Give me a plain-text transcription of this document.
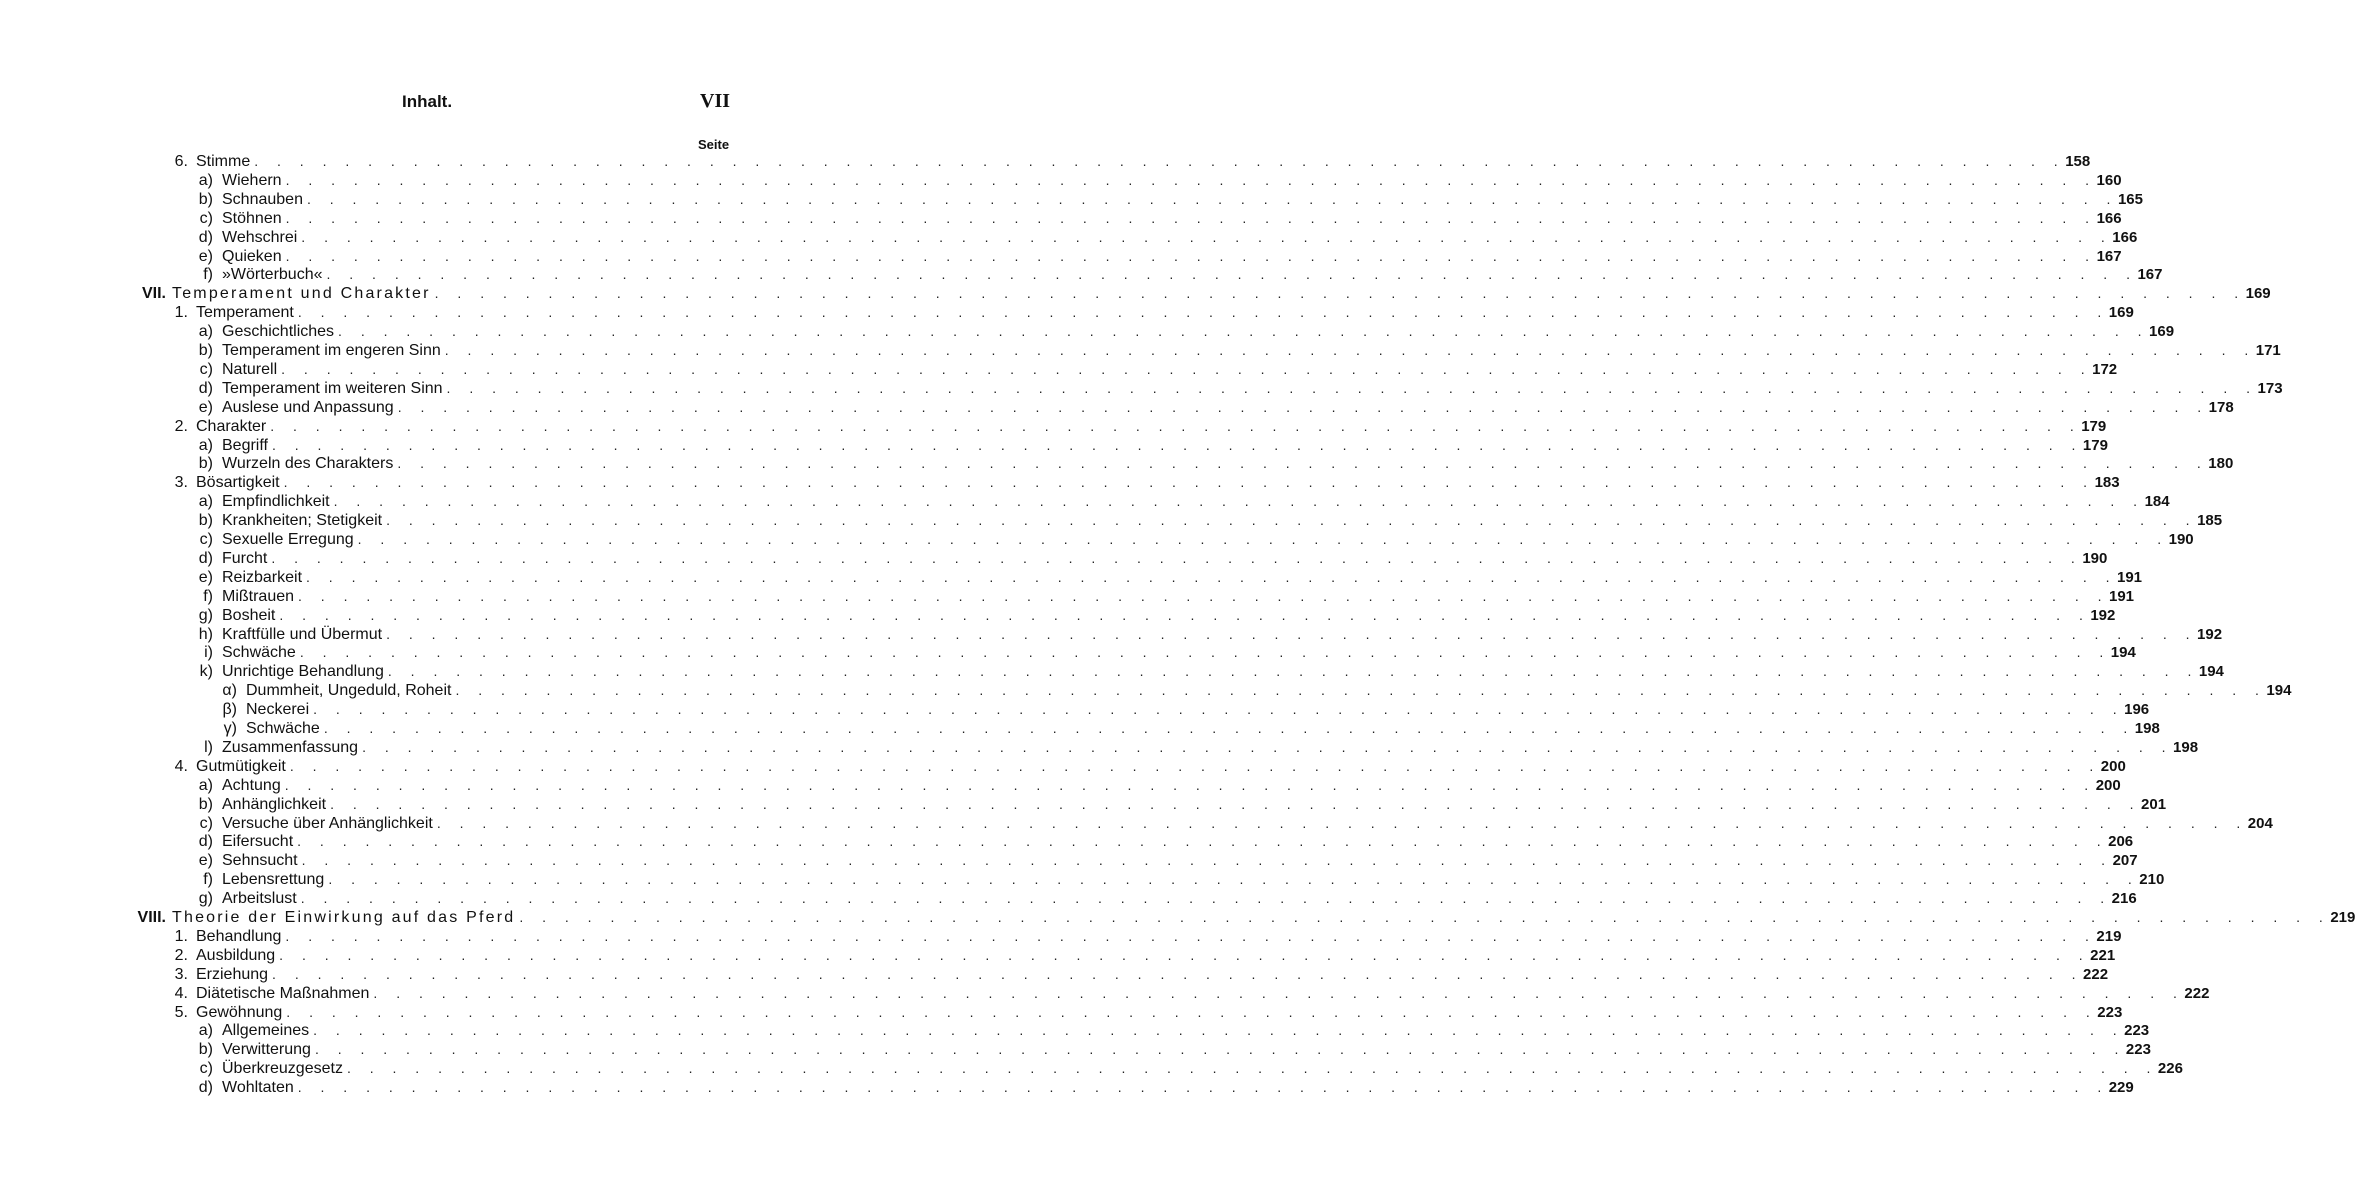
Inhalt.	VII
Seite
6. Stimme . . . . . . . . . . . . . . . . . . . . . . . . . . . . . . . . . . . . . . . . . . . . . . . . . . . . . . . . . . . . . . . . . . . . . . . . . . . . . . . . 158
a) Wiehern . . . . . . . . . . . . . . . . . . . . . . . . . . . . . . . . . . . . . . . . . . . . . . . . . . . . . . . . . . . . . . . . . . . . . . . . . . . . . . . . 160
b) Schnauben . . . . . . . . . . . . . . . . . . . . . . . . . . . . . . . . . . . . . . . . . . . . . . . . . . . . . . . . . . . . . . . . . . . . . . . . . . . . . . . . 165
c) Stöhnen . . . . . . . . . . . . . . . . . . . . . . . . . . . . . . . . . . . . . . . . . . . . . . . . . . . . . . . . . . . . . . . . . . . . . . . . . . . . . . . . 166
d) Wehschrei . . . . . . . . . . . . . . . . . . . . . . . . . . . . . . . . . . . . . . . . . . . . . . . . . . . . . . . . . . . . . . . . . . . . . . . . . . . . . . . . 166
e) Quieken . . . . . . . . . . . . . . . . . . . . . . . . . . . . . . . . . . . . . . . . . . . . . . . . . . . . . . . . . . . . . . . . . . . . . . . . . . . . . . . . 167
f) »Wörterbuch« . . . . . . . . . . . . . . . . . . . . . . . . . . . . . . . . . . . . . . . . . . . . . . . . . . . . . . . . . . . . . . . . . . . . . . . . . . . . . . . . 167
VII. Temperament und Charakter . . . . . . . . . . . . . . . . . . . . . . . . . . . . . . . . . . . . . . . . . . . . . . . . . . . . . . . . . . . . . . . . . . . . . . . . . . . . . . . . 169
1. Temperament . . . . . . . . . . . . . . . . . . . . . . . . . . . . . . . . . . . . . . . . . . . . . . . . . . . . . . . . . . . . . . . . . . . . . . . . . . . . . . . . 169
a) Geschichtliches . . . . . . . . . . . . . . . . . . . . . . . . . . . . . . . . . . . . . . . . . . . . . . . . . . . . . . . . . . . . . . . . . . . . . . . . . . . . . . . . 169
b) Temperament im engeren Sinn . . . . . . . . . . . . . . . . . . . . . . . . . . . . . . . . . . . . . . . . . . . . . . . . . . . . . . . . . . . . . . . . . . . . . . . . . . . . . . . . 171
c) Naturell . . . . . . . . . . . . . . . . . . . . . . . . . . . . . . . . . . . . . . . . . . . . . . . . . . . . . . . . . . . . . . . . . . . . . . . . . . . . . . . . 172
d) Temperament im weiteren Sinn . . . . . . . . . . . . . . . . . . . . . . . . . . . . . . . . . . . . . . . . . . . . . . . . . . . . . . . . . . . . . . . . . . . . . . . . . . . . . . . . 173
e) Auslese und Anpassung . . . . . . . . . . . . . . . . . . . . . . . . . . . . . . . . . . . . . . . . . . . . . . . . . . . . . . . . . . . . . . . . . . . . . . . . . . . . . . . . 178
2. Charakter . . . . . . . . . . . . . . . . . . . . . . . . . . . . . . . . . . . . . . . . . . . . . . . . . . . . . . . . . . . . . . . . . . . . . . . . . . . . . . . . 179
a) Begriff . . . . . . . . . . . . . . . . . . . . . . . . . . . . . . . . . . . . . . . . . . . . . . . . . . . . . . . . . . . . . . . . . . . . . . . . . . . . . . . . 179
b) Wurzeln des Charakters . . . . . . . . . . . . . . . . . . . . . . . . . . . . . . . . . . . . . . . . . . . . . . . . . . . . . . . . . . . . . . . . . . . . . . . . . . . . . . . . 180
3. Bösartigkeit . . . . . . . . . . . . . . . . . . . . . . . . . . . . . . . . . . . . . . . . . . . . . . . . . . . . . . . . . . . . . . . . . . . . . . . . . . . . . . . . 183
a) Empfindlichkeit . . . . . . . . . . . . . . . . . . . . . . . . . . . . . . . . . . . . . . . . . . . . . . . . . . . . . . . . . . . . . . . . . . . . . . . . . . . . . . . . 184
b) Krankheiten; Stetigkeit . . . . . . . . . . . . . . . . . . . . . . . . . . . . . . . . . . . . . . . . . . . . . . . . . . . . . . . . . . . . . . . . . . . . . . . . . . . . . . . . 185
c) Sexuelle Erregung . . . . . . . . . . . . . . . . . . . . . . . . . . . . . . . . . . . . . . . . . . . . . . . . . . . . . . . . . . . . . . . . . . . . . . . . . . . . . . . . 190
d) Furcht . . . . . . . . . . . . . . . . . . . . . . . . . . . . . . . . . . . . . . . . . . . . . . . . . . . . . . . . . . . . . . . . . . . . . . . . . . . . . . . . 190
e) Reizbarkeit . . . . . . . . . . . . . . . . . . . . . . . . . . . . . . . . . . . . . . . . . . . . . . . . . . . . . . . . . . . . . . . . . . . . . . . . . . . . . . . . 191
f) Mißtrauen . . . . . . . . . . . . . . . . . . . . . . . . . . . . . . . . . . . . . . . . . . . . . . . . . . . . . . . . . . . . . . . . . . . . . . . . . . . . . . . . 191
g) Bosheit . . . . . . . . . . . . . . . . . . . . . . . . . . . . . . . . . . . . . . . . . . . . . . . . . . . . . . . . . . . . . . . . . . . . . . . . . . . . . . . . 192
h) Kraftfülle und Übermut . . . . . . . . . . . . . . . . . . . . . . . . . . . . . . . . . . . . . . . . . . . . . . . . . . . . . . . . . . . . . . . . . . . . . . . . . . . . . . . . 192
i) Schwäche . . . . . . . . . . . . . . . . . . . . . . . . . . . . . . . . . . . . . . . . . . . . . . . . . . . . . . . . . . . . . . . . . . . . . . . . . . . . . . . . 194
k) Unrichtige Behandlung . . . . . . . . . . . . . . . . . . . . . . . . . . . . . . . . . . . . . . . . . . . . . . . . . . . . . . . . . . . . . . . . . . . . . . . . . . . . . . . . 194
α) Dummheit, Ungeduld, Roheit . . . . . . . . . . . . . . . . . . . . . . . . . . . . . . . . . . . . . . . . . . . . . . . . . . . . . . . . . . . . . . . . . . . . . . . . . . . . . . . . 194
β) Neckerei . . . . . . . . . . . . . . . . . . . . . . . . . . . . . . . . . . . . . . . . . . . . . . . . . . . . . . . . . . . . . . . . . . . . . . . . . . . . . . . . 196
γ) Schwäche . . . . . . . . . . . . . . . . . . . . . . . . . . . . . . . . . . . . . . . . . . . . . . . . . . . . . . . . . . . . . . . . . . . . . . . . . . . . . . . . 198
l) Zusammenfassung . . . . . . . . . . . . . . . . . . . . . . . . . . . . . . . . . . . . . . . . . . . . . . . . . . . . . . . . . . . . . . . . . . . . . . . . . . . . . . . . 198
4. Gutmütigkeit . . . . . . . . . . . . . . . . . . . . . . . . . . . . . . . . . . . . . . . . . . . . . . . . . . . . . . . . . . . . . . . . . . . . . . . . . . . . . . . . 200
a) Achtung . . . . . . . . . . . . . . . . . . . . . . . . . . . . . . . . . . . . . . . . . . . . . . . . . . . . . . . . . . . . . . . . . . . . . . . . . . . . . . . . 200
b) Anhänglichkeit . . . . . . . . . . . . . . . . . . . . . . . . . . . . . . . . . . . . . . . . . . . . . . . . . . . . . . . . . . . . . . . . . . . . . . . . . . . . . . . . 201
c) Versuche über Anhänglichkeit . . . . . . . . . . . . . . . . . . . . . . . . . . . . . . . . . . . . . . . . . . . . . . . . . . . . . . . . . . . . . . . . . . . . . . . . . . . . . . . . 204
d) Eifersucht . . . . . . . . . . . . . . . . . . . . . . . . . . . . . . . . . . . . . . . . . . . . . . . . . . . . . . . . . . . . . . . . . . . . . . . . . . . . . . . . 206
e) Sehnsucht . . . . . . . . . . . . . . . . . . . . . . . . . . . . . . . . . . . . . . . . . . . . . . . . . . . . . . . . . . . . . . . . . . . . . . . . . . . . . . . . 207
f) Lebensrettung . . . . . . . . . . . . . . . . . . . . . . . . . . . . . . . . . . . . . . . . . . . . . . . . . . . . . . . . . . . . . . . . . . . . . . . . . . . . . . . . 210
g) Arbeitslust . . . . . . . . . . . . . . . . . . . . . . . . . . . . . . . . . . . . . . . . . . . . . . . . . . . . . . . . . . . . . . . . . . . . . . . . . . . . . . . . 216
VIII. Theorie der Einwirkung auf das Pferd . . . . . . . . . . . . . . . . . . . . . . . . . . . . . . . . . . . . . . . . . . . . . . . . . . . . . . . . . . . . . . . . . . . . . . . . . . . . . . . . 219
1. Behandlung . . . . . . . . . . . . . . . . . . . . . . . . . . . . . . . . . . . . . . . . . . . . . . . . . . . . . . . . . . . . . . . . . . . . . . . . . . . . . . . . 219
2. Ausbildung . . . . . . . . . . . . . . . . . . . . . . . . . . . . . . . . . . . . . . . . . . . . . . . . . . . . . . . . . . . . . . . . . . . . . . . . . . . . . . . . 221
3. Erziehung . . . . . . . . . . . . . . . . . . . . . . . . . . . . . . . . . . . . . . . . . . . . . . . . . . . . . . . . . . . . . . . . . . . . . . . . . . . . . . . . 222
4. Diätetische Maßnahmen . . . . . . . . . . . . . . . . . . . . . . . . . . . . . . . . . . . . . . . . . . . . . . . . . . . . . . . . . . . . . . . . . . . . . . . . . . . . . . . . 222
5. Gewöhnung . . . . . . . . . . . . . . . . . . . . . . . . . . . . . . . . . . . . . . . . . . . . . . . . . . . . . . . . . . . . . . . . . . . . . . . . . . . . . . . . 223
a) Allgemeines . . . . . . . . . . . . . . . . . . . . . . . . . . . . . . . . . . . . . . . . . . . . . . . . . . . . . . . . . . . . . . . . . . . . . . . . . . . . . . . . 223
b) Verwitterung . . . . . . . . . . . . . . . . . . . . . . . . . . . . . . . . . . . . . . . . . . . . . . . . . . . . . . . . . . . . . . . . . . . . . . . . . . . . . . . . 223
c) Überkreuzgesetz . . . . . . . . . . . . . . . . . . . . . . . . . . . . . . . . . . . . . . . . . . . . . . . . . . . . . . . . . . . . . . . . . . . . . . . . . . . . . . . . 226
d) Wohltaten . . . . . . . . . . . . . . . . . . . . . . . . . . . . . . . . . . . . . . . . . . . . . . . . . . . . . . . . . . . . . . . . . . . . . . . . . . . . . . . . 229
